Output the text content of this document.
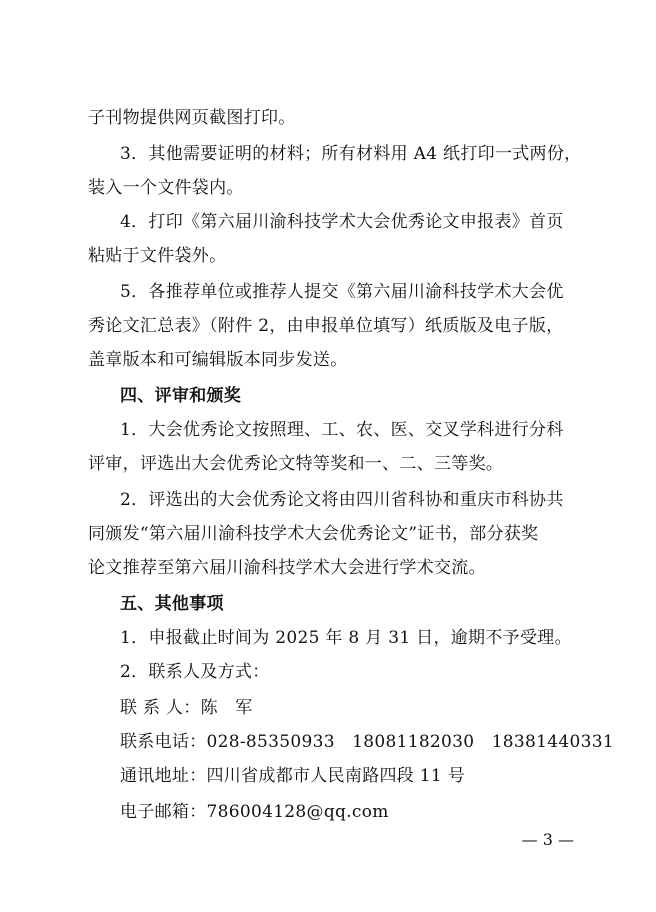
子刊物提供网页截图打印。
3．其他需要证明的材料；所有材料用 A4 纸打印一式两份，
装入一个文件袋内。
4．打印《第六届川渝科技学术大会优秀论文申报表》首页
粘贴于文件袋外。
5．各推荐单位或推荐人提交《第六届川渝科技学术大会优
秀论文汇总表》（附件 2，由申报单位填写）纸质版及电子版，
盖章版本和可编辑版本同步发送。
四、评审和颁奖
1．大会优秀论文按照理、工、农、医、交叉学科进行分科
评审，评选出大会优秀论文特等奖和一、二、三等奖。
2．评选出的大会优秀论文将由四川省科协和重庆市科协共
同颁发“第六届川渝科技学术大会优秀论文”证书，部分获奖
论文推荐至第六届川渝科技学术大会进行学术交流。
五、其他事项
1．申报截止时间为 2025 年 8 月 31 日，逾期不予受理。
2．联系人及方式：
联 系 人：陈　军
联系电话：028-85350933　18081182030　18381440331
通讯地址：四川省成都市人民南路四段 11 号
电子邮箱：786004128@qq.com
— 3 —
